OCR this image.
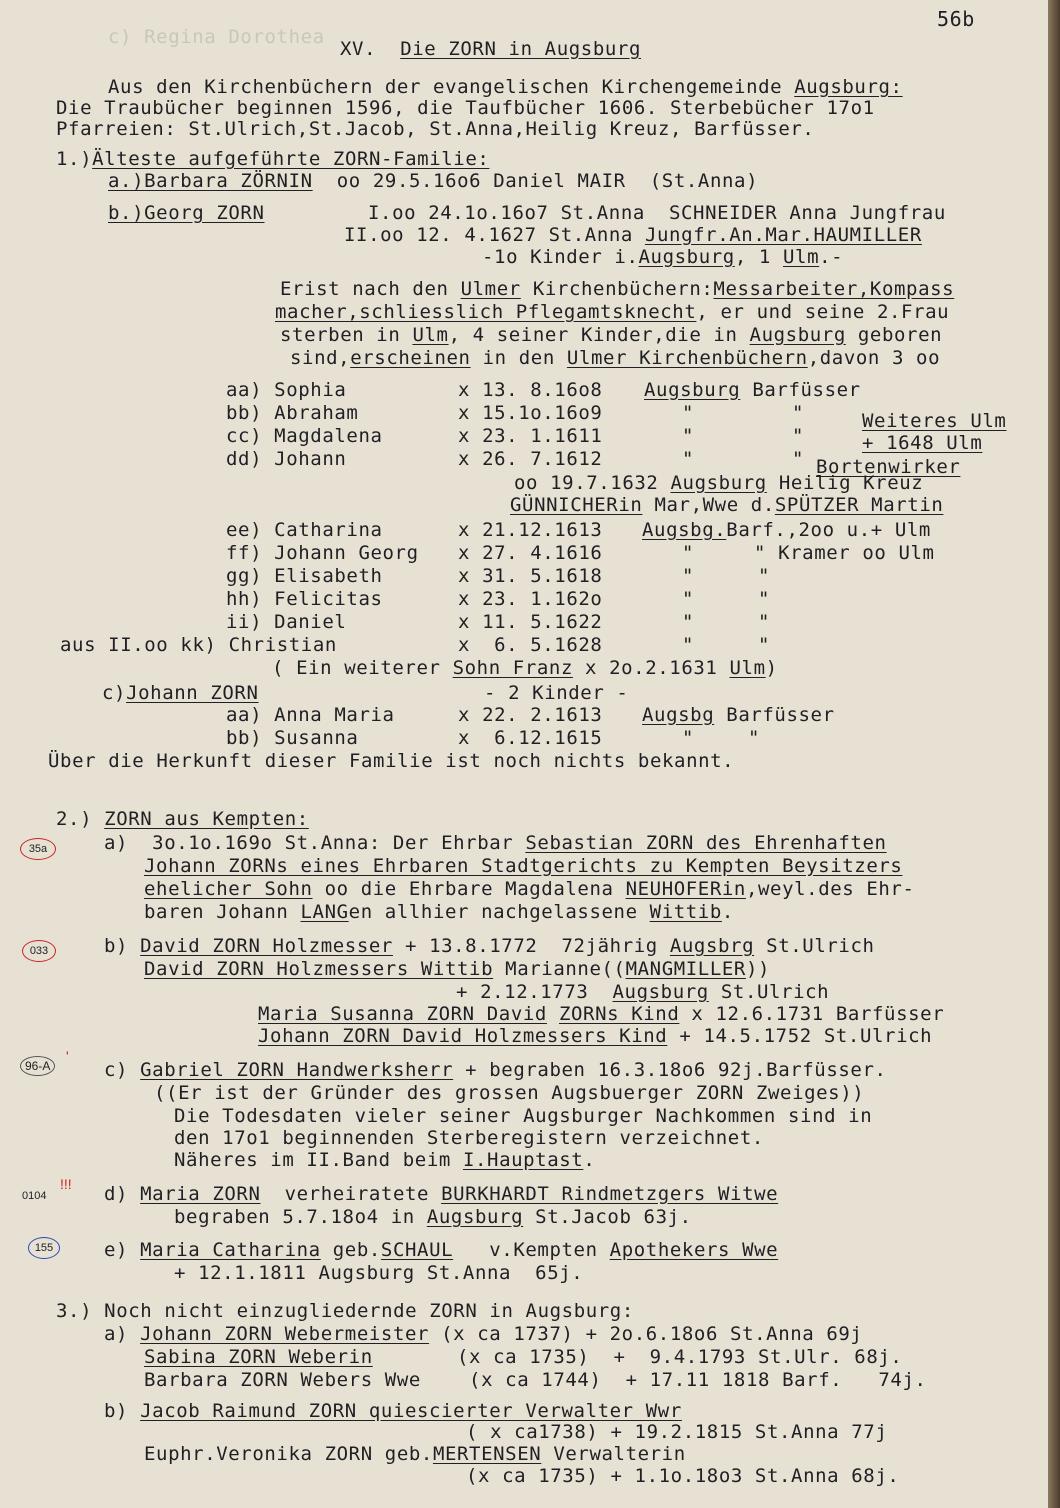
56b
c) Regina Dorothea
XV. Die ZORN in Augsburg
Aus den Kirchenbüchern der evangelischen Kirchengemeinde Augsburg:
Die Traubücher beginnen 1596, die Taufbücher 1606. Sterbebücher 17o1
Pfarreien: St.Ulrich,St.Jacob, St.Anna,Heilig Kreuz, Barfüsser.
1.)Älteste aufgeführte ZORN-Familie:
a.)Barbara ZÖRNIN oo 29.5.16o6 Daniel MAIR  (St.Anna)
b.)Georg ZORN	I.oo 24.1o.16o7 St.Anna SCHNEIDER Anna Jungfrau
II.oo 12. 4.1627 St.Anna Jungfr.An.Mar.HAUMILLER
-1o Kinder i.Augsburg, 1 Ulm.-
Erist nach den Ulmer Kirchenbüchern:Messarbeiter,Kompass
macher,schliesslich Pflegamtsknecht, er und seine 2.Frau
sterben in Ulm, 4 seiner Kinder,die in Augsburg geboren
sind,erscheinen in den Ulmer Kirchenbüchern,davon 3 oo
aa) Sophia	x 13. 8.16o8 Augsburg Barfüsser
bb) Abraham	x 15.1o.16o9	"	"	Weiteres Ulm
cc) Magdalena	x 23. 1.1611	"	"	+ 1648 Ulm
dd) Johann	x 26. 7.1612	"	" Bortenwirker
oo 19.7.1632 Augsburg Heilig Kreuz
GÜNNICHERin Mar,Wwe d.SPÜTZER Martin
ee) Catharina	x 21.12.1613 Augsbg.Barf.,2oo u.+ Ulm
ff) Johann Georg x 27. 4.1616	"	" Kramer oo Ulm
gg) Elisabeth	x 31. 5.1618	"	"
hh) Felicitas	x 23. 1.162o	"	"
ii) Daniel	x 11. 5.1622	"	"
aus II.oo kk) Christian	x  6. 5.1628	"	"
( Ein weiterer Sohn Franz x 2o.2.1631 Ulm)
c)Johann ZORN	- 2 Kinder -
aa) Anna Maria	x 22. 2.1613 Augsbg Barfüsser
bb) Susanna	x  6.12.1615	"	"
Über die Herkunft dieser Familie ist noch nichts bekannt.
2.) ZORN aus Kempten:
a) 3o.1o.169o St.Anna: Der Ehrbar Sebastian ZORN des Ehrenhaften
Johann ZORNs eines Ehrbaren Stadtgerichts zu Kempten Beysitzers
ehelicher Sohn oo die Ehrbare Magdalena NEUHOFERin,weyl.des Ehr-
baren Johann LANGen allhier nachgelassene Wittib.
b) David ZORN Holzmesser + 13.8.1772  72jährig Augsbrg St.Ulrich
David ZORN Holzmessers Wittib Marianne((MANGMILLER))
+ 2.12.1773 Augsburg St.Ulrich
Maria Susanna ZORN David ZORNs Kind x 12.6.1731 Barfüsser
Johann ZORN David Holzmessers Kind + 14.5.1752 St.Ulrich
c) Gabriel ZORN Handwerksherr + begraben 16.3.18o6 92j.Barfüsser.
((Er ist der Gründer des grossen Augsbuerger ZORN Zweiges))
Die Todesdaten vieler seiner Augsburger Nachkommen sind in
den 17o1 beginnenden Sterberegistern verzeichnet.
Näheres im II.Band beim I.Hauptast.
d) Maria ZORN  verheiratete BURKHARDT Rindmetzgers Witwe
begraben 5.7.18o4 in Augsburg St.Jacob 63j.
e) Maria Catharina geb.SCHAUL   v.Kempten Apothekers Wwe
+ 12.1.1811 Augsburg St.Anna  65j.
3.) Noch nicht einzugliedernde ZORN in Augsburg:
a) Johann ZORN Webermeister (x ca 1737) + 2o.6.18o6 St.Anna 69j
Sabina ZORN Weberin       (x ca 1735)  +  9.4.1793 St.Ulr. 68j.
Barbara ZORN Webers Wwe    (x ca 1744)  + 17.11 1818 Barf.   74j.
b) Jacob Raimund ZORN quiescierter Verwalter Wwr
( x ca1738) + 19.2.1815 St.Anna 77j
Euphr.Veronika ZORN geb.MERTENSEN Verwalterin
(x ca 1735) + 1.1o.18o3 St.Anna 68j.
35a
033
96-A
'
0104
!!!
155
